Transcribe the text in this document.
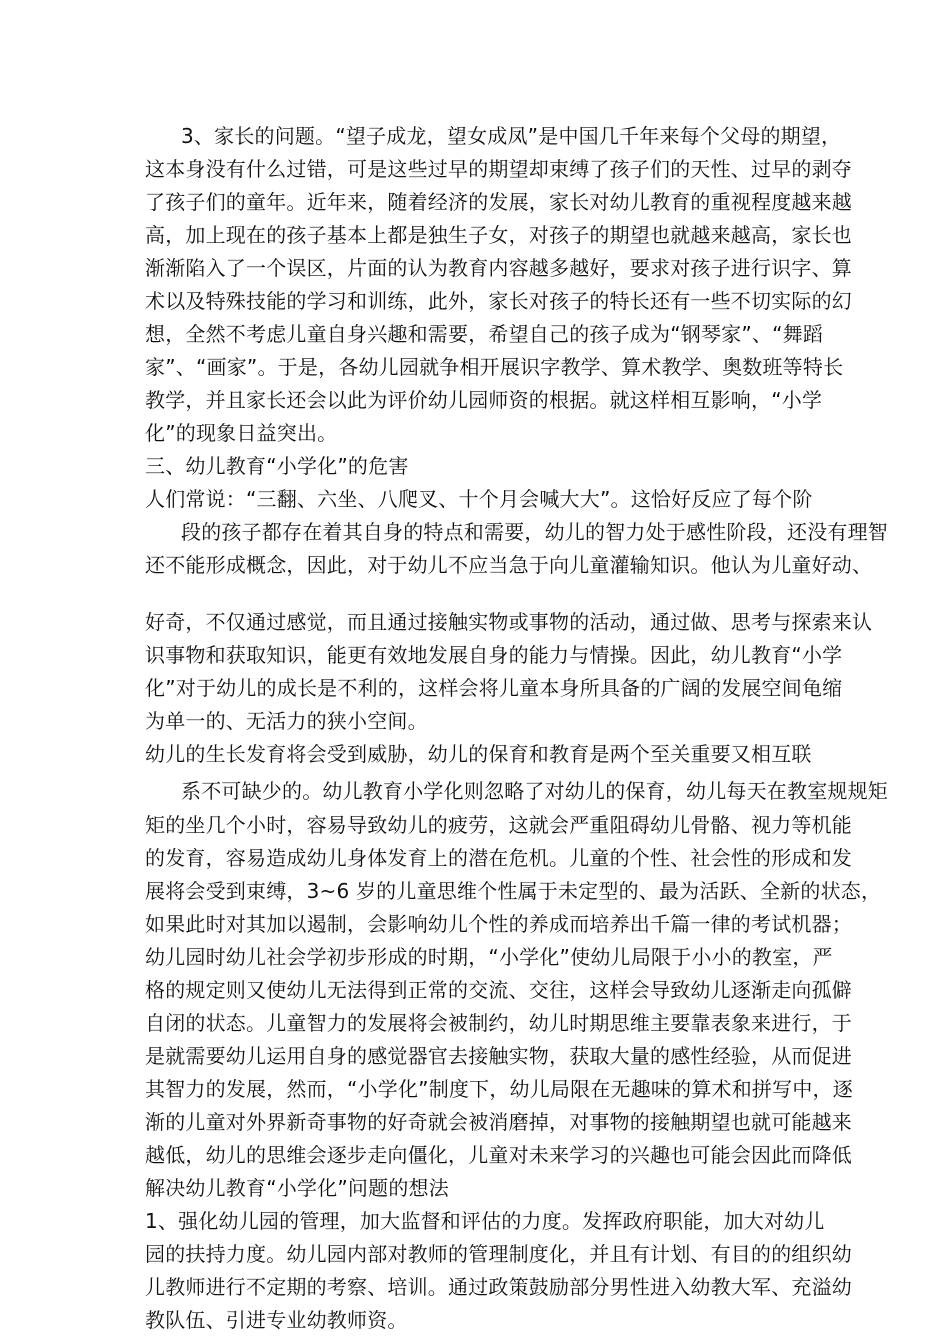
3、家长的问题。“望子成龙，望女成凤”是中国几千年来每个父母的期望，
这本身没有什么过错，可是这些过早的期望却束缚了孩子们的天性、过早的剥夺
了孩子们的童年。近年来，随着经济的发展，家长对幼儿教育的重视程度越来越
高，加上现在的孩子基本上都是独生子女，对孩子的期望也就越来越高，家长也
渐渐陷入了一个误区，片面的认为教育内容越多越好，要求对孩子进行识字、算
术以及特殊技能的学习和训练，此外，家长对孩子的特长还有一些不切实际的幻
想，全然不考虑儿童自身兴趣和需要，希望自己的孩子成为“钢琴家”、“舞蹈
家”、“画家”。于是，各幼儿园就争相开展识字教学、算术教学、奥数班等特长
教学，并且家长还会以此为评价幼儿园师资的根据。就这样相互影响，“小学
化”的现象日益突出。
三、幼儿教育“小学化”的危害
人们常说：“三翻、六坐、八爬叉、十个月会喊大大”。这恰好反应了每个阶
段的孩子都存在着其自身的特点和需要，幼儿的智力处于感性阶段，还没有理智
还不能形成概念，因此，对于幼儿不应当急于向儿童灌输知识。他认为儿童好动、
好奇，不仅通过感觉，而且通过接触实物或事物的活动，通过做、思考与探索来认
识事物和获取知识，能更有效地发展自身的能力与情操。因此，幼儿教育“小学
化”对于幼儿的成长是不利的，这样会将儿童本身所具备的广阔的发展空间龟缩
为单一的、无活力的狭小空间。
幼儿的生长发育将会受到威胁，幼儿的保育和教育是两个至关重要又相互联
系不可缺少的。幼儿教育小学化则忽略了对幼儿的保育，幼儿每天在教室规规矩
矩的坐几个小时，容易导致幼儿的疲劳，这就会严重阻碍幼儿骨骼、视力等机能
的发育，容易造成幼儿身体发育上的潜在危机。儿童的个性、社会性的形成和发
展将会受到束缚，3~6 岁的儿童思维个性属于未定型的、最为活跃、全新的状态，
如果此时对其加以遏制，会影响幼儿个性的养成而培养出千篇一律的考试机器；
幼儿园时幼儿社会学初步形成的时期，“小学化”使幼儿局限于小小的教室，严
格的规定则又使幼儿无法得到正常的交流、交往，这样会导致幼儿逐渐走向孤僻
自闭的状态。儿童智力的发展将会被制约，幼儿时期思维主要靠表象来进行，于
是就需要幼儿运用自身的感觉器官去接触实物，获取大量的感性经验，从而促进
其智力的发展，然而，“小学化”制度下，幼儿局限在无趣味的算术和拼写中，逐
渐的儿童对外界新奇事物的好奇就会被消磨掉，对事物的接触期望也就可能越来
越低，幼儿的思维会逐步走向僵化，儿童对未来学习的兴趣也可能会因此而降低
解决幼儿教育“小学化”问题的想法
1、强化幼儿园的管理，加大监督和评估的力度。发挥政府职能，加大对幼儿
园的扶持力度。幼儿园内部对教师的管理制度化，并且有计划、有目的的组织幼
儿教师进行不定期的考察、培训。通过政策鼓励部分男性进入幼教大军、充溢幼
教队伍、引进专业幼教师资。
